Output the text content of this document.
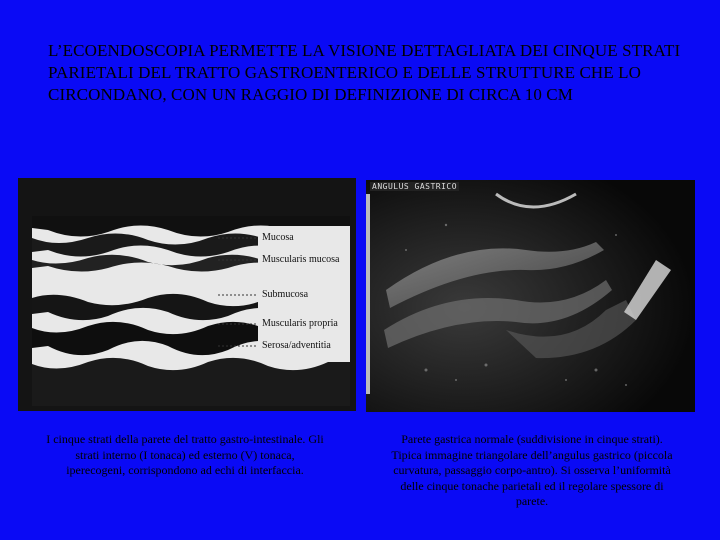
L’ECOENDOSCOPIA PERMETTE LA VISIONE DETTAGLIATA DEI CINQUE STRATI PARIETALI DEL TRATTO GASTROENTERICO E DELLE STRUTTURE CHE LO CIRCONDANO, CON UN RAGGIO DI DEFINIZIONE DI CIRCA 10 CM
Mucosa
Muscularis mucosa
Submucosa
Muscularis propria
Serosa/adventitia
ANGULUS GASTRICO
I cinque strati della parete del tratto gastro-intestinale. Gli strati interno (I tonaca) ed esterno (V) tonaca, iperecogeni, corrispondono ad echi di interfaccia.
Parete gastrica normale (suddivisione in cinque strati). Tipica immagine triangolare dell’angulus gastrico (piccola curvatura, passaggio corpo-antro). Si osserva l’uniformità delle cinque tonache parietali ed il regolare spessore di parete.
